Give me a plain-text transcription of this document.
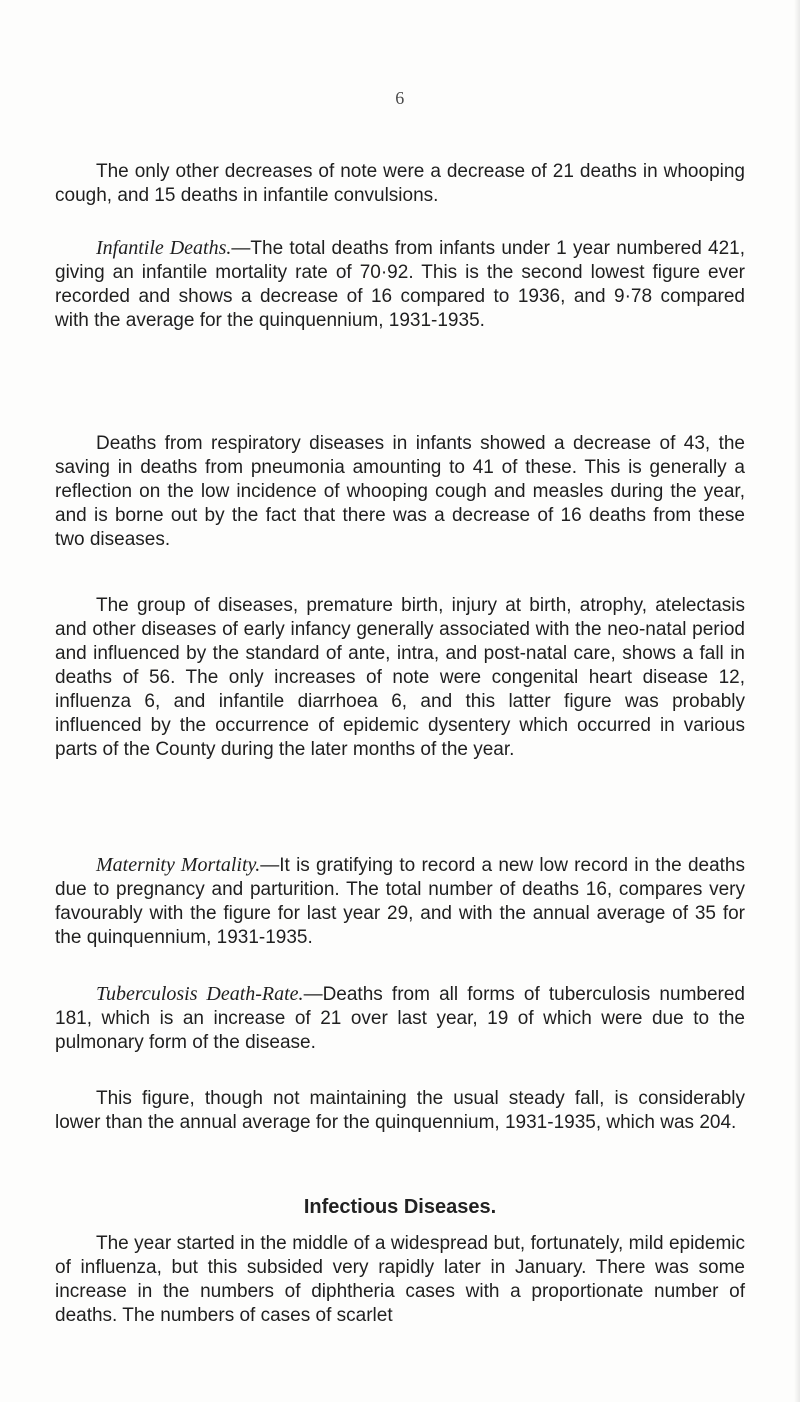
6

The only other decreases of note were a decrease of 21 deaths in whooping cough, and 15 deaths in infantile convulsions.

Infantile Deaths.—The total deaths from infants under 1 year numbered 421, giving an infantile mortality rate of 70·92. This is the second lowest figure ever recorded and shows a decrease of 16 compared to 1936, and 9·78 compared with the average for the quinquennium, 1931-1935.

Deaths from respiratory diseases in infants showed a decrease of 43, the saving in deaths from pneumonia amounting to 41 of these. This is generally a reflection on the low incidence of whooping cough and measles during the year, and is borne out by the fact that there was a decrease of 16 deaths from these two diseases.

The group of diseases, premature birth, injury at birth, atrophy, atelectasis and other diseases of early infancy generally associated with the neo-natal period and influenced by the standard of ante, intra, and post-natal care, shows a fall in deaths of 56. The only increases of note were congenital heart disease 12, influenza 6, and infantile diarrhoea 6, and this latter figure was probably influenced by the occurrence of epidemic dysentery which occurred in various parts of the County during the later months of the year.

Maternity Mortality.—It is gratifying to record a new low record in the deaths due to pregnancy and parturition. The total number of deaths 16, compares very favourably with the figure for last year 29, and with the annual average of 35 for the quinquennium, 1931-1935.

Tuberculosis Death-Rate.—Deaths from all forms of tuberculosis numbered 181, which is an increase of 21 over last year, 19 of which were due to the pulmonary form of the disease.

This figure, though not maintaining the usual steady fall, is considerably lower than the annual average for the quinquennium, 1931-1935, which was 204.

Infectious Diseases.

The year started in the middle of a widespread but, fortunately, mild epidemic of influenza, but this subsided very rapidly later in January. There was some increase in the numbers of diphtheria cases with a proportionate number of deaths. The numbers of cases of scarlet
